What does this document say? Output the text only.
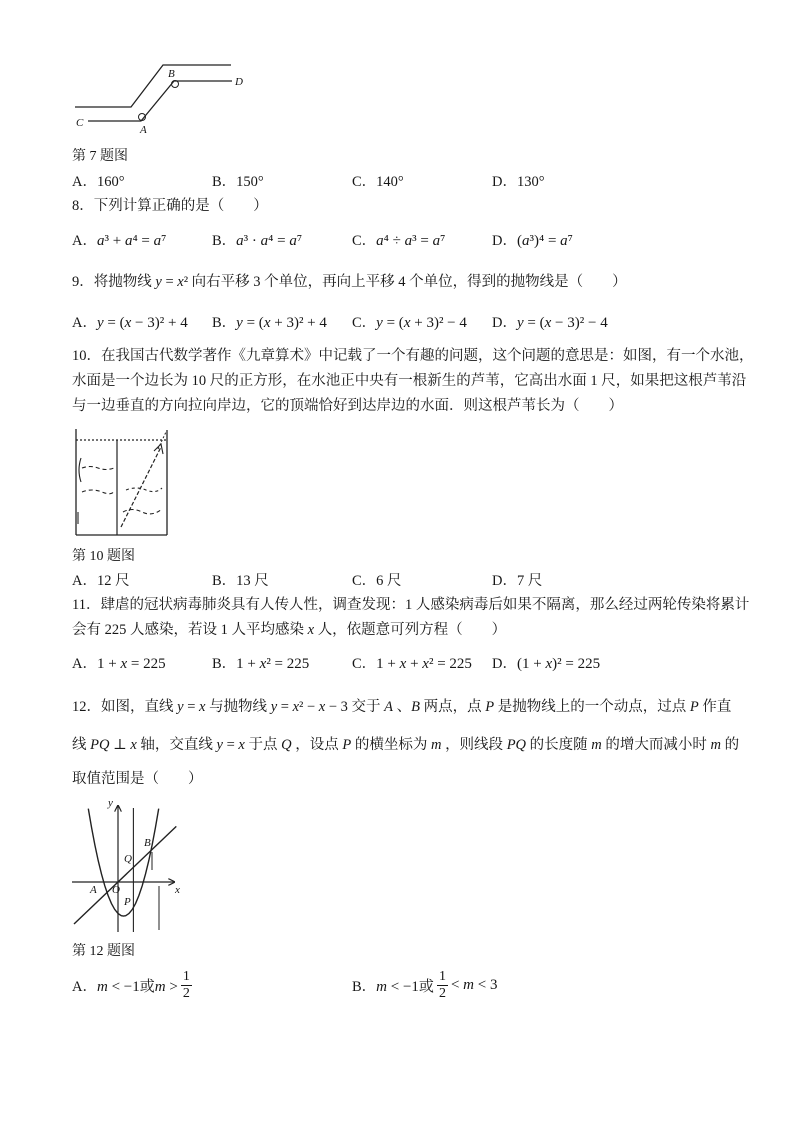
C
A
B
D
第 7 题图
A．160°	B．150°	C．140°	D．130°
8．下列计算正确的是（　　）
A．a³ + a⁴ = a⁷	B．a³ · a⁴ = a⁷	C．a⁴ ÷ a³ = a⁷	D．(a³)⁴ = a⁷
9．将抛物线 y = x² 向右平移 3 个单位，再向上平移 4 个单位，得到的抛物线是（　　）
A．y = (x − 3)² + 4 B．y = (x + 3)² + 4 C．y = (x + 3)² − 4 D．y = (x − 3)² − 4
10．在我国古代数学著作《九章算术》中记载了一个有趣的问题，这个问题的意思是：如图，有一个水池，
水面是一个边长为 10 尺的正方形，在水池正中央有一根新生的芦苇，它高出水面 1 尺，如果把这根芦苇沿
与一边垂直的方向拉向岸边，它的顶端恰好到达岸边的水面．则这根芦苇长为（　　）
第 10 题图
A．12 尺	B．13 尺	C．6 尺	D．7 尺
11．肆虐的冠状病毒肺炎具有人传人性，调查发现：1 人感染病毒后如果不隔离，那么经过两轮传染将累计
会有 225 人感染，若设 1 人平均感染 x 人，依题意可列方程（　　）
A．1 + x = 225	B．1 + x² = 225	C．1 + x + x² = 225 D．(1 + x)² = 225
12．如图，直线 y = x 与抛物线 y = x² − x − 3 交于 A 、B 两点，点 P 是抛物线上的一个动点，过点 P 作直
线 PQ ⊥ x 轴，交直线 y = x 于点 Q ，设点 P 的横坐标为 m ，则线段 PQ 的长度随 m 的增大而减小时 m 的
取值范围是（　　）
y
x
O
A
B
Q
P
第 12 题图
A． m < −1或$m > \frac{1}{2}$	B． m < −1或 $\frac{1}{2} < m < 3$
